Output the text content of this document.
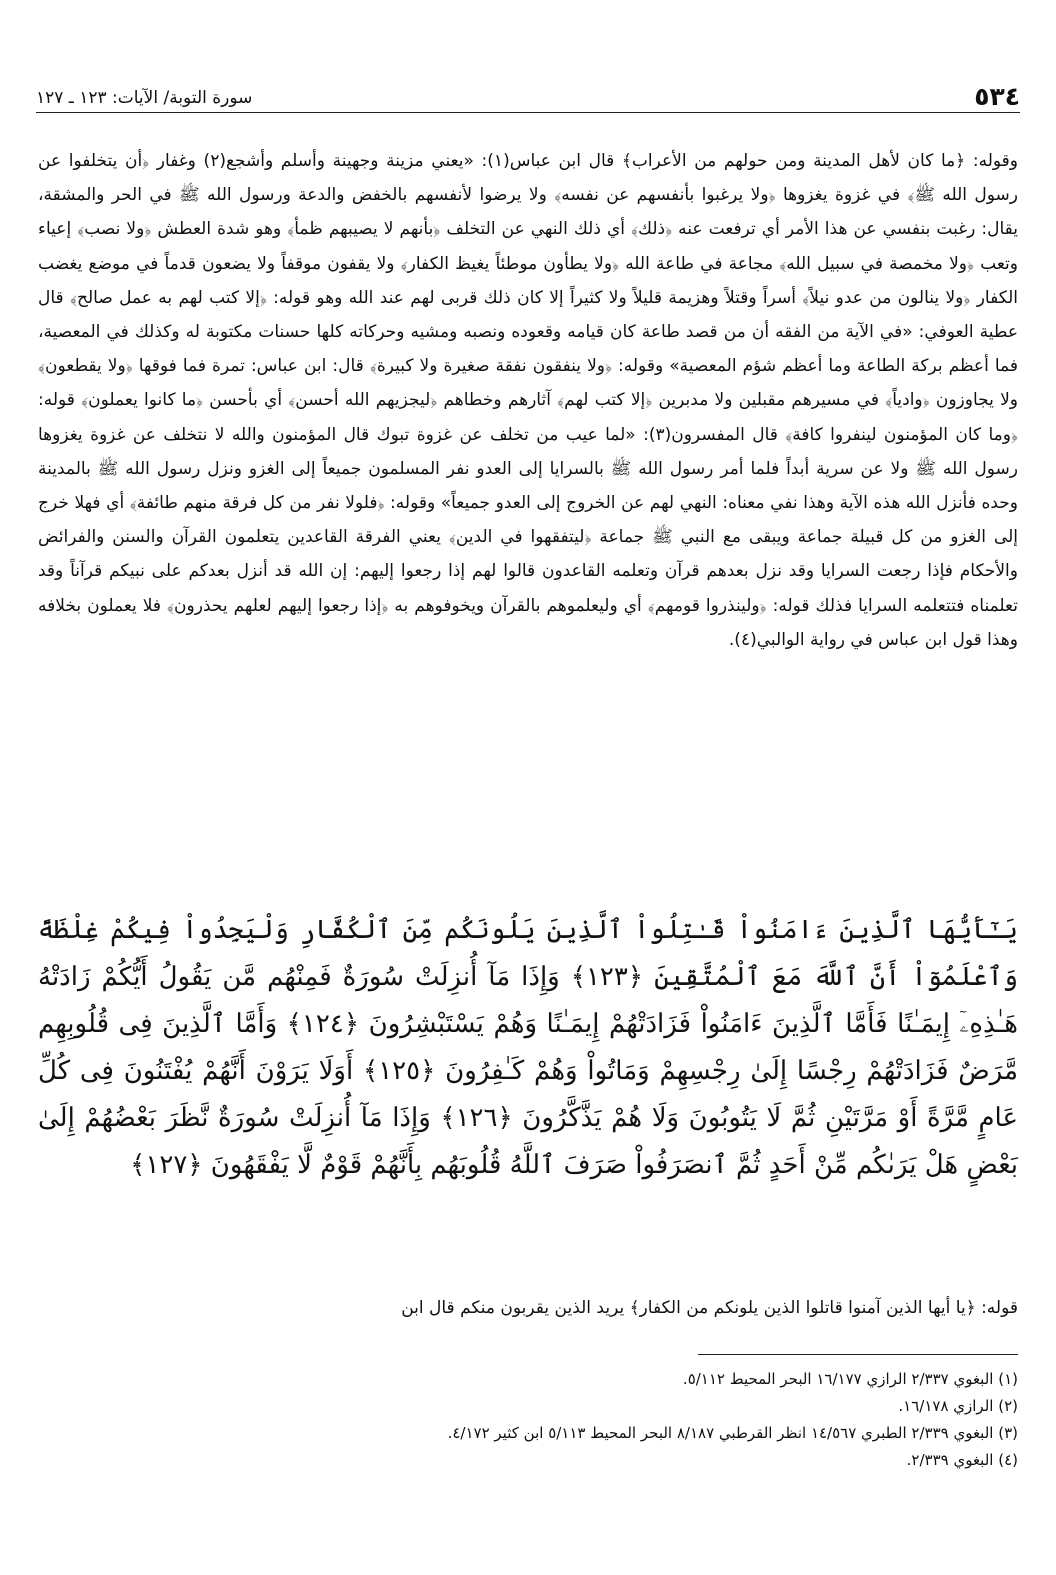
٥٣٤
سورة التوبة/ الآيات: ١٢٣ ـ ١٢٧

وقوله: ﴿ما كان لأهل المدينة ومن حولهم من الأعراب﴾ قال ابن عباس(١): «يعني مزينة وجهينة وأسلم وأشجع(٢) وغفار ﴿أن يتخلفوا عن رسول الله ﷺ﴾ في غزوة يغزوها ﴿ولا يرغبوا بأنفسهم عن نفسه﴾ ولا يرضوا لأنفسهم بالخفض والدعة ورسول الله ﷺ في الحر والمشقة، يقال: رغبت بنفسي عن هذا الأمر أي ترفعت عنه ﴿ذلك﴾ أي ذلك النهي عن التخلف ﴿بأنهم لا يصيبهم ظمأ﴾ وهو شدة العطش ﴿ولا نصب﴾ إعياء وتعب ﴿ولا مخمصة في سبيل الله﴾ مجاعة في طاعة الله ﴿ولا يطأون موطئاً يغيظ الكفار﴾ ولا يقفون موقفاً ولا يضعون قدماً في موضع يغضب الكفار ﴿ولا ينالون من عدو نيلاً﴾ أسراً وقتلاً وهزيمة قليلاً ولا كثيراً إلا كان ذلك قربى لهم عند الله وهو قوله: ﴿إلا كتب لهم به عمل صالح﴾ قال عطية العوفي: «في الآية من الفقه أن من قصد طاعة كان قيامه وقعوده ونصبه ومشيه وحركاته كلها حسنات مكتوبة له وكذلك في المعصية، فما أعظم بركة الطاعة وما أعظم شؤم المعصية» وقوله: ﴿ولا ينفقون نفقة صغيرة ولا كبيرة﴾ قال: ابن عباس: تمرة فما فوقها ﴿ولا يقطعون﴾ ولا يجاوزون ﴿وادياً﴾ في مسيرهم مقبلين ولا مدبرين ﴿إلا كتب لهم﴾ آثارهم وخطاهم ﴿ليجزيهم الله أحسن﴾ أي بأحسن ﴿ما كانوا يعملون﴾ قوله: ﴿وما كان المؤمنون لينفروا كافة﴾ قال المفسرون(٣): «لما عيب من تخلف عن غزوة تبوك قال المؤمنون والله لا نتخلف عن غزوة يغزوها رسول الله ﷺ ولا عن سرية أبداً فلما أمر رسول الله ﷺ بالسرايا إلى العدو نفر المسلمون جميعاً إلى الغزو ونزل رسول الله ﷺ بالمدينة وحده فأنزل الله هذه الآية وهذا نفي معناه: النهي لهم عن الخروج إلى العدو جميعاً» وقوله: ﴿فلولا نفر من كل فرقة منهم طائفة﴾ أي فهلا خرج إلى الغزو من كل قبيلة جماعة ويبقى مع النبي ﷺ جماعة ﴿ليتفقهوا في الدين﴾ يعني الفرقة القاعدين يتعلمون القرآن والسنن والفرائض والأحكام فإذا رجعت السرايا وقد نزل بعدهم قرآن وتعلمه القاعدون قالوا لهم إذا رجعوا إليهم: إن الله قد أنزل بعدكم على نبيكم قرآناً وقد تعلمناه فتتعلمه السرايا فذلك قوله: ﴿ولينذروا قومهم﴾ أي وليعلموهم بالقرآن ويخوفوهم به ﴿إذا رجعوا إليهم لعلهم يحذرون﴾ فلا يعملون بخلافه وهذا قول ابن عباس في رواية الوالبي(٤).

يَـٰٓأَيُّهَا ٱلَّذِينَ ءَامَنُواْ قَـٰتِلُواْ ٱلَّذِينَ يَلُونَكُم مِّنَ ٱلْكُفَّارِ وَلْيَجِدُواْ فِيكُمْ غِلْظَةً وَٱعْلَمُوٓاْ أَنَّ ٱللَّهَ مَعَ ٱلْمُتَّقِينَ ﴿١٢٣﴾ وَإِذَا مَآ أُنزِلَتْ سُورَةٌ فَمِنْهُم مَّن يَقُولُ أَيُّكُمْ زَادَتْهُ هَـٰذِهِۦٓ إِيمَـٰنًا فَأَمَّا ٱلَّذِينَ ءَامَنُواْ فَزَادَتْهُمْ إِيمَـٰنًا وَهُمْ يَسْتَبْشِرُونَ ﴿١٢٤﴾ وَأَمَّا ٱلَّذِينَ فِى قُلُوبِهِم مَّرَضٌ فَزَادَتْهُمْ رِجْسًا إِلَىٰ رِجْسِهِمْ وَمَاتُواْ وَهُمْ كَـٰفِرُونَ ﴿١٢٥﴾ أَوَلَا يَرَوْنَ أَنَّهُمْ يُفْتَنُونَ فِى كُلِّ عَامٍ مَّرَّةً أَوْ مَرَّتَيْنِ ثُمَّ لَا يَتُوبُونَ وَلَا هُمْ يَذَّكَّرُونَ ﴿١٢٦﴾ وَإِذَا مَآ أُنزِلَتْ سُورَةٌ نَّظَرَ بَعْضُهُمْ إِلَىٰ بَعْضٍ هَلْ يَرَىٰكُم مِّنْ أَحَدٍ ثُمَّ ٱنصَرَفُواْ صَرَفَ ٱللَّهُ قُلُوبَهُم بِأَنَّهُمْ قَوْمٌ لَّا يَفْقَهُونَ ﴿١٢٧﴾

قوله: ﴿يا أيها الذين آمنوا قاتلوا الذين يلونكم من الكفار﴾ يريد الذين يقربون منكم قال ابن

(١) البغوي ٢/٣٣٧ الرازي ١٦/١٧٧ البحر المحيط ٥/١١٢.
(٢) الرازي ١٦/١٧٨.
(٣) البغوي ٢/٣٣٩ الطبري ١٤/٥٦٧ انظر القرطبي ٨/١٨٧ البحر المحيط ٥/١١٣ ابن كثير ٤/١٧٢.
(٤) البغوي ٢/٣٣٩.
